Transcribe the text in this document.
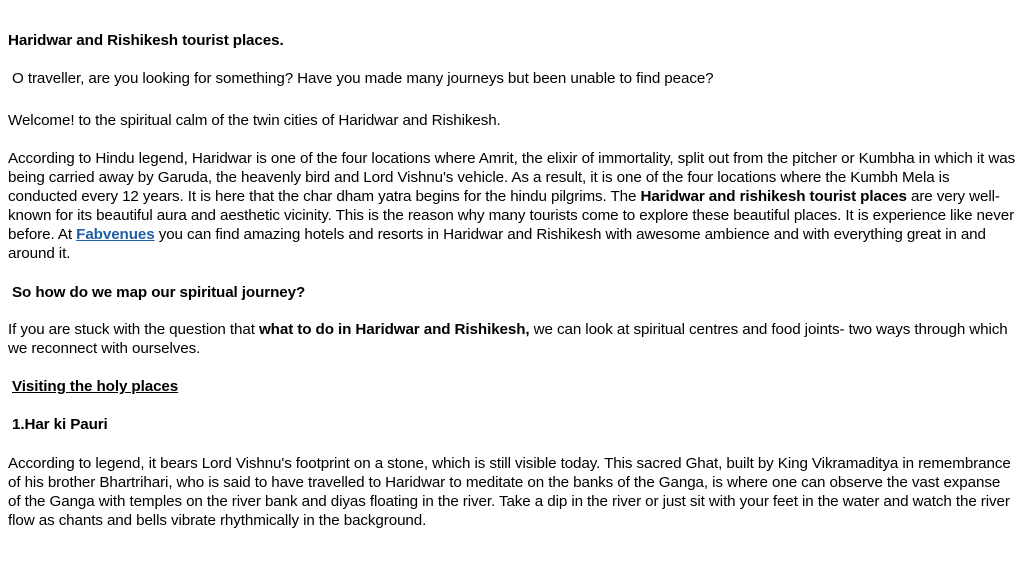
Haridwar and Rishikesh tourist places.

O traveller, are you looking for something? Have you made many journeys but been unable to find peace?

Welcome! to the spiritual calm of the twin cities of Haridwar and Rishikesh.

According to Hindu legend, Haridwar is one of the four locations where Amrit, the elixir of immortality, split out from the pitcher or Kumbha in which it was being carried away by Garuda, the heavenly bird and Lord Vishnu's vehicle. As a result, it is one of the four locations where the Kumbh Mela is conducted every 12 years. It is here that the char dham yatra begins for the hindu pilgrims. The Haridwar and rishikesh tourist places are very well-known for its beautiful aura and aesthetic vicinity. This is the reason why many tourists come to explore these beautiful places. It is experience like never before. At Fabvenues you can find amazing hotels and resorts in Haridwar and Rishikesh with awesome ambience and with everything great in and around it.

So how do we map our spiritual journey?

If you are stuck with the question that what to do in Haridwar and Rishikesh, we can look at spiritual centres and food joints- two ways through which we reconnect with ourselves.

Visiting the holy places

1.Har ki Pauri

According to legend, it bears Lord Vishnu's footprint on a stone, which is still visible today. This sacred Ghat, built by King Vikramaditya in remembrance of his brother Bhartrihari, who is said to have travelled to Haridwar to meditate on the banks of the Ganga, is where one can observe the vast expanse of the Ganga with temples on the river bank and diyas floating in the river. Take a dip in the river or just sit with your feet in the water and watch the river flow as chants and bells vibrate rhythmically in the background.
